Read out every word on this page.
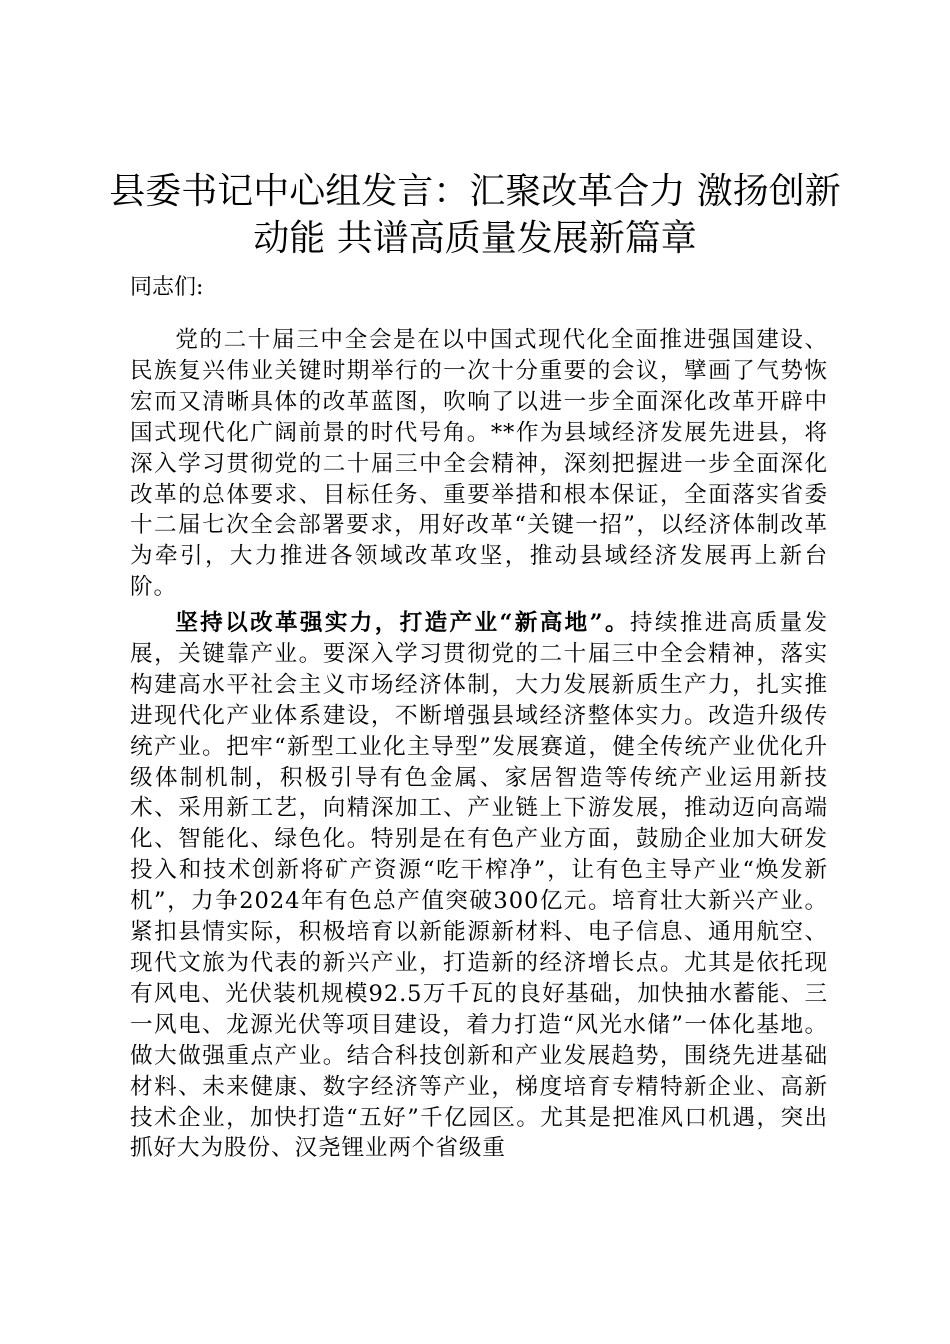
县委书记中心组发言：汇聚改革合力 激扬创新动能 共谱高质量发展新篇章

同志们:

党的二十届三中全会是在以中国式现代化全面推进强国建设、民族复兴伟业关键时期举行的一次十分重要的会议，擘画了气势恢宏而又清晰具体的改革蓝图，吹响了以进一步全面深化改革开辟中国式现代化广阔前景的时代号角。**作为县域经济发展先进县，将深入学习贯彻党的二十届三中全会精神，深刻把握进一步全面深化改革的总体要求、目标任务、重要举措和根本保证，全面落实省委十二届七次全会部署要求，用好改革“关键一招”，以经济体制改革为牵引，大力推进各领域改革攻坚，推动县域经济发展再上新台阶。

坚持以改革强实力，打造产业“新高地”。持续推进高质量发展，关键靠产业。要深入学习贯彻党的二十届三中全会精神，落实构建高水平社会主义市场经济体制，大力发展新质生产力，扎实推进现代化产业体系建设，不断增强县域经济整体实力。改造升级传统产业。把牢“新型工业化主导型”发展赛道，健全传统产业优化升级体制机制，积极引导有色金属、家居智造等传统产业运用新技术、采用新工艺，向精深加工、产业链上下游发展，推动迈向高端化、智能化、绿色化。特别是在有色产业方面，鼓励企业加大研发投入和技术创新将矿产资源“吃干榨净”，让有色主导产业“焕发新机”，力争2024年有色总产值突破300亿元。培育壮大新兴产业。紧扣县情实际，积极培育以新能源新材料、电子信息、通用航空、现代文旅为代表的新兴产业，打造新的经济增长点。尤其是依托现有风电、光伏装机规模92.5万千瓦的良好基础，加快抽水蓄能、三一风电、龙源光伏等项目建设，着力打造“风光水储”一体化基地。做大做强重点产业。结合科技创新和产业发展趋势，围绕先进基础材料、未来健康、数字经济等产业，梯度培育专精特新企业、高新技术企业，加快打造“五好”千亿园区。尤其是把准风口机遇，突出抓好大为股份、汉尧锂业两个省级重
